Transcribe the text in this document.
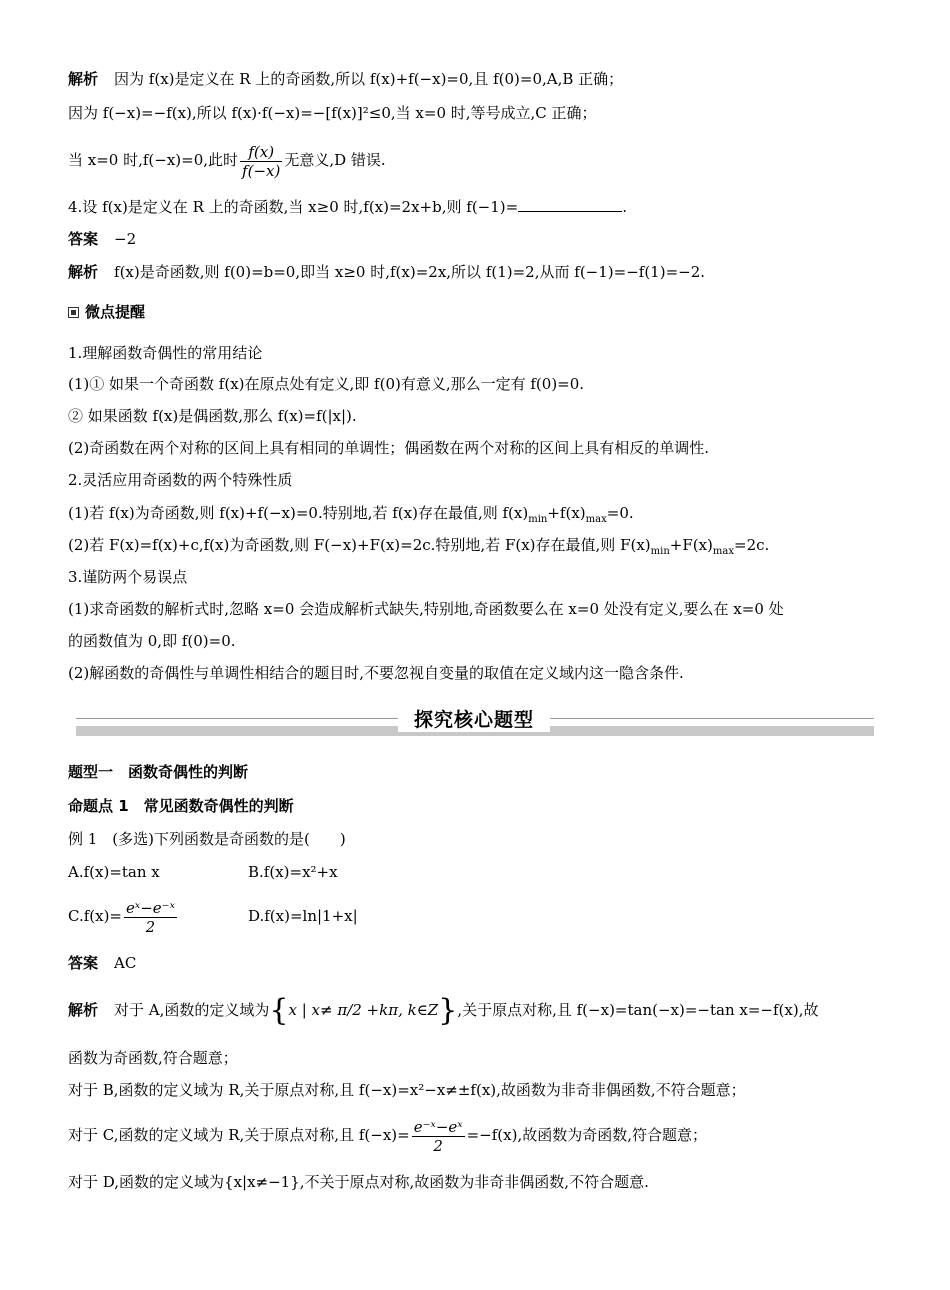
解析 因为 f(x)是定义在 R 上的奇函数,所以 f(x)+f(−x)=0,且 f(0)=0,A,B 正确；
因为 f(−x)=−f(x),所以 f(x)·f(−x)=−[f(x)]²≤0,当 x=0 时,等号成立,C 正确；
当 x=0 时,f(−x)=0,此时 $\frac{f(x)}{f(-x)}$ 无意义,D 错误.
4.设 f(x)是定义在 R 上的奇函数,当 x≥0 时,f(x)=2x+b,则 f(−1)=	.
答案 −2
解析 f(x)是奇函数,则 f(0)=b=0,即当 x≥0 时,f(x)=2x,所以 f(1)=2,从而 f(−1)=−f(1)=−2.
微点提醒
1.理解函数奇偶性的常用结论
(1)① 如果一个奇函数 f(x)在原点处有定义,即 f(0)有意义,那么一定有 f(0)=0.
② 如果函数 f(x)是偶函数,那么 f(x)=f(|x|).
(2)奇函数在两个对称的区间上具有相同的单调性；偶函数在两个对称的区间上具有相反的单调性.
2.灵活应用奇函数的两个特殊性质
(1)若 f(x)为奇函数,则 f(x)+f(−x)=0.特别地,若 f(x)存在最值,则 $f(x)_{min}+f(x)_{max}=0$.
(2)若 F(x)=f(x)+c,f(x)为奇函数,则 F(−x)+F(x)=2c.特别地,若 F(x)存在最值,则 $F(x)_{min}+F(x)_{max}=2c$.
3.谨防两个易误点
(1)求奇函数的解析式时,忽略 x=0 会造成解析式缺失,特别地,奇函数要么在 x=0 处没有定义,要么在 x=0 处
的函数值为 0,即 f(0)=0.
(2)解函数的奇偶性与单调性相结合的题目时,不要忽视自变量的取值在定义域内这一隐含条件.
探究核心题型
题型一　函数奇偶性的判断
命题点 1　常见函数奇偶性的判断
例 1　(多选)下列函数是奇函数的是(　　)
A.f(x)=tan x	B.f(x)=x²+x
$C.f(x)= \frac{\text{eˣ−e⁻ˣ}}{2}$	D.f(x)=ln|1+x|
答案 AC
解析 对于 A,函数的定义域为{x | x≠ π/2 +kπ, k∈Z},关于原点对称,且 f(−x)=tan(−x)=−tan x=−f(x),故
函数为奇函数,符合题意；
对于 B,函数的定义域为 R,关于原点对称,且 f(−x)=x²−x≠±f(x),故函数为非奇非偶函数,不符合题意；
对于 C,函数的定义域为 R,关于原点对称,且 $f(-x)= \frac{\text{e⁻ˣ−eˣ}}{2} =-f(x)$,故函数为奇函数,符合题意；
对于 D,函数的定义域为{x|x≠−1},不关于原点对称,故函数为非奇非偶函数,不符合题意.
